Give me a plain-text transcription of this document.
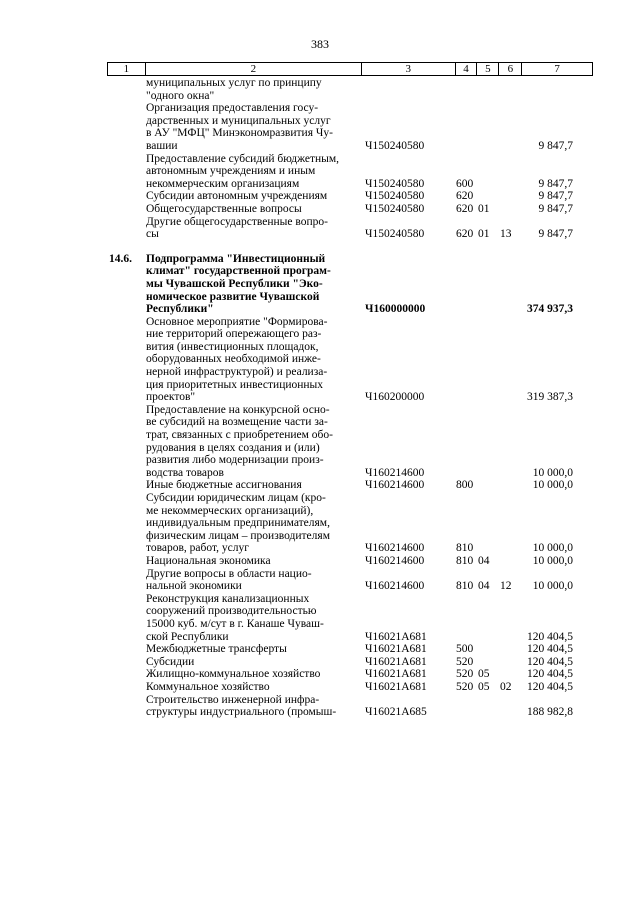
383
1	2	3	4	5	6	7
муниципальных услуг по принципу
"одного окна"
Организация предоставления госу-
дарственных и муниципальных услуг
в АУ "МФЦ" Минэкономразвития Чу-
вашии	Ч150240580	9 847,7
Предоставление субсидий бюджетным,
автономным учреждениям и иным
некоммерческим организациям	Ч150240580	600	9 847,7
Субсидии автономным учреждениям	Ч150240580	620	9 847,7
Общегосударственные вопросы	Ч150240580	620 01	9 847,7
Другие общегосударственные вопро-
сы	Ч150240580	620 01 13	9 847,7
14.6.	Подпрограмма "Инвестиционный
климат" государственной програм-
мы Чувашской Республики "Эко-
номическое развитие Чувашской
Республики"	Ч160000000	374 937,3
Основное мероприятие "Формирова-
ние территорий опережающего раз-
вития (инвестиционных площадок,
оборудованных необходимой инже-
нерной инфраструктурой) и реализа-
ция приоритетных инвестиционных
проектов"	Ч160200000	319 387,3
Предоставление на конкурсной осно-
ве субсидий на возмещение части за-
трат, связанных с приобретением обо-
рудования в целях создания и (или)
развития либо модернизации произ-
водства товаров	Ч160214600	10 000,0
Иные бюджетные ассигнования	Ч160214600	800	10 000,0
Субсидии юридическим лицам (кро-
ме некоммерческих организаций),
индивидуальным предпринимателям,
физическим лицам – производителям
товаров, работ, услуг	Ч160214600	810	10 000,0
Национальная экономика	Ч160214600	810 04	10 000,0
Другие вопросы в области нацио-
нальной экономики	Ч160214600	810 04 12	10 000,0
Реконструкция канализационных
сооружений производительностью
15000 куб. м/сут в г. Канаше Чуваш-
ской Республики	Ч16021А681	120 404,5
Межбюджетные трансферты	Ч16021А681	500	120 404,5
Субсидии	Ч16021А681	520	120 404,5
Жилищно-коммунальное хозяйство	Ч16021А681	520 05	120 404,5
Коммунальное хозяйство	Ч16021А681	520 05 02	120 404,5
Строительство инженерной инфра-
структуры индустриального (промыш-	Ч16021А685	188 982,8
